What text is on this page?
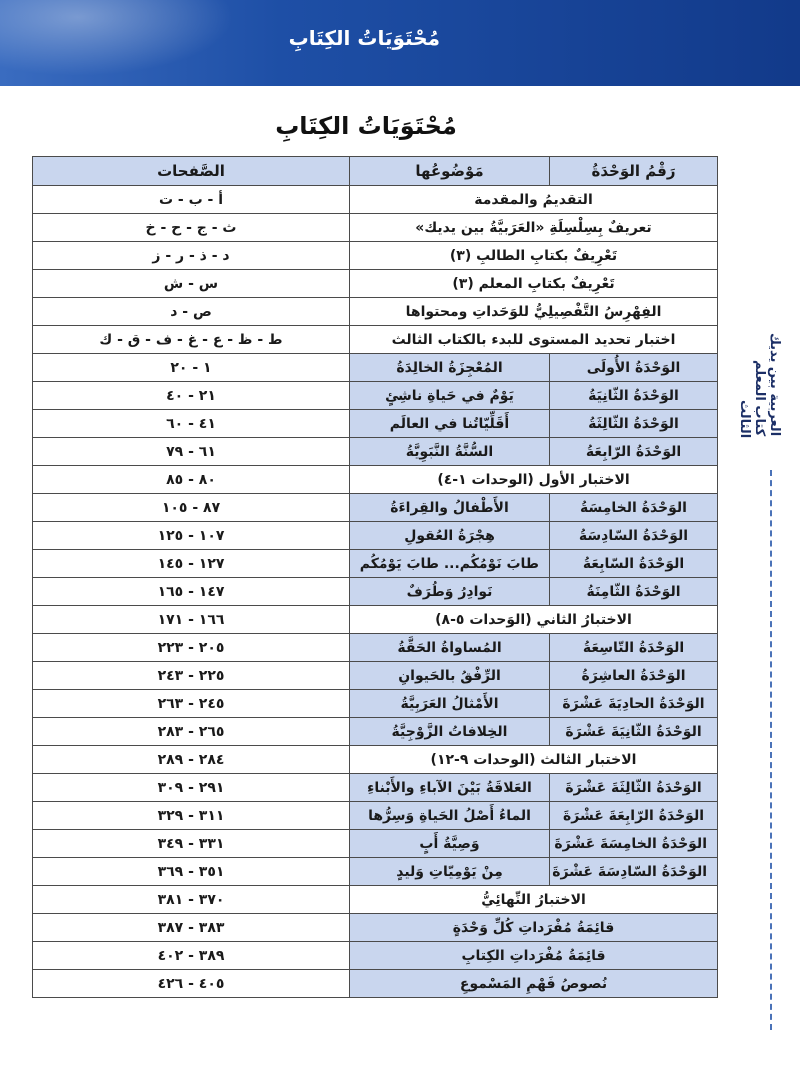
مُحْتَوَيَاتُ الكِتَابِ
العربية بين يديك كتاب المعلم الثالث
مُحْتَوَيَاتُ الكِتَابِ
رَقْمُ الوَحْدَةُ	مَوْضُوعُها	الصَّفحات
التقديمُ والمقدمة		أ - ب - ت
تعريفٌ بِسِلْسِلَةِ «العَرَبيَّةُ بين يديك»		ث - ج - ح - خ
تَعْرِيفٌ بكتابِ الطالبِ (٣)		د - ذ - ر - ز
تَعْرِيفٌ بكتابِ المعلم (٣)		س - ش
الفِهْرِسُ التَّفْصِيلِيُّ للوَحَداتِ ومحتواها		ص - د
اختبار تحديد المستوى للبدء بالكتاب الثالث		ط - ظ - ع - غ - ف - ق - ك
الوَحْدَةُ الأُولَى	المُعْجِزَةُ الخالِدَةُ	١ - ٢٠
الوَحْدَةُ الثّانِيَةُ	يَوْمٌ في حَياةِ ناشِئٍ	٢١ - ٤٠
الوَحْدَةُ الثّالِثَةُ	أَقَلِّيّاتُنا في العالَم	٤١ - ٦٠
الوَحْدَةُ الرّابِعَةُ	السُّنَّةُ النَّبَوِيَّةُ	٦١ - ٧٩
الاختبار الأول (الوحدات ١-٤)		٨٠ - ٨٥
الوَحْدَةُ الخامِسَةُ	الأَطْفالُ والقِراءَةُ	٨٧ - ١٠٥
الوَحْدَةُ السّادِسَةُ	هِجْرَةُ العُقولِ	١٠٧ - ١٢٥
الوَحْدَةُ السّابِعَةُ	طابَ نَوْمُكُم... طابَ يَوْمُكُم	١٢٧ - ١٤٥
الوَحْدَةُ الثّامِنَةُ	نَوادِرُ وَطُرَفٌ	١٤٧ - ١٦٥
الاختبارُ الثاني (الوَحدات ٥-٨)		١٦٦ - ١٧١
الوَحْدَةُ التّاسِعَةُ	المُساواةُ الحَقَّةُ	٢٠٥ - ٢٢٣
الوَحْدَةُ العاشِرَةُ	الرِّفْقُ بالحَيوانِ	٢٢٥ - ٢٤٣
الوَحْدَةُ الحادِيَةَ عَشْرَةَ	الأَمْثالُ العَرَبِيَّةُ	٢٤٥ - ٢٦٣
الوَحْدَةُ الثّانِيَةَ عَشْرَةَ	الخِلافاتُ الزَّوْجِيَّةُ	٢٦٥ - ٢٨٣
الاختبار الثالث (الوحدات ٩-١٢)		٢٨٤ - ٢٨٩
الوَحْدَةُ الثّالِثَةَ عَشْرَةَ	العَلاقَةُ بَيْنَ الآباءِ والأَبْناءِ	٢٩١ - ٣٠٩
الوَحْدَةُ الرّابِعَةَ عَشْرَةَ	الماءُ أَصْلُ الحَياةِ وَسِرُّها	٣١١ - ٣٢٩
الوَحْدَةُ الخامِسَةَ عَشْرَةَ	وَصِيَّةُ أَبٍ	٣٣١ - ٣٤٩
الوَحْدَةُ السّادِسَةَ عَشْرَةَ	مِنْ يَوْمِيّاتِ وَليدٍ	٣٥١ - ٣٦٩
الاختبارُ النِّهائِيُّ		٣٧٠ - ٣٨١
قائِمَةُ مُفْرَداتِ كُلِّ وَحْدَةٍ		٣٨٣ - ٣٨٧
قائِمَةُ مُفْرَداتِ الكِتابِ		٣٨٩ - ٤٠٢
نُصوصُ فَهْمِ المَسْموعِ		٤٠٥ - ٤٢٦
